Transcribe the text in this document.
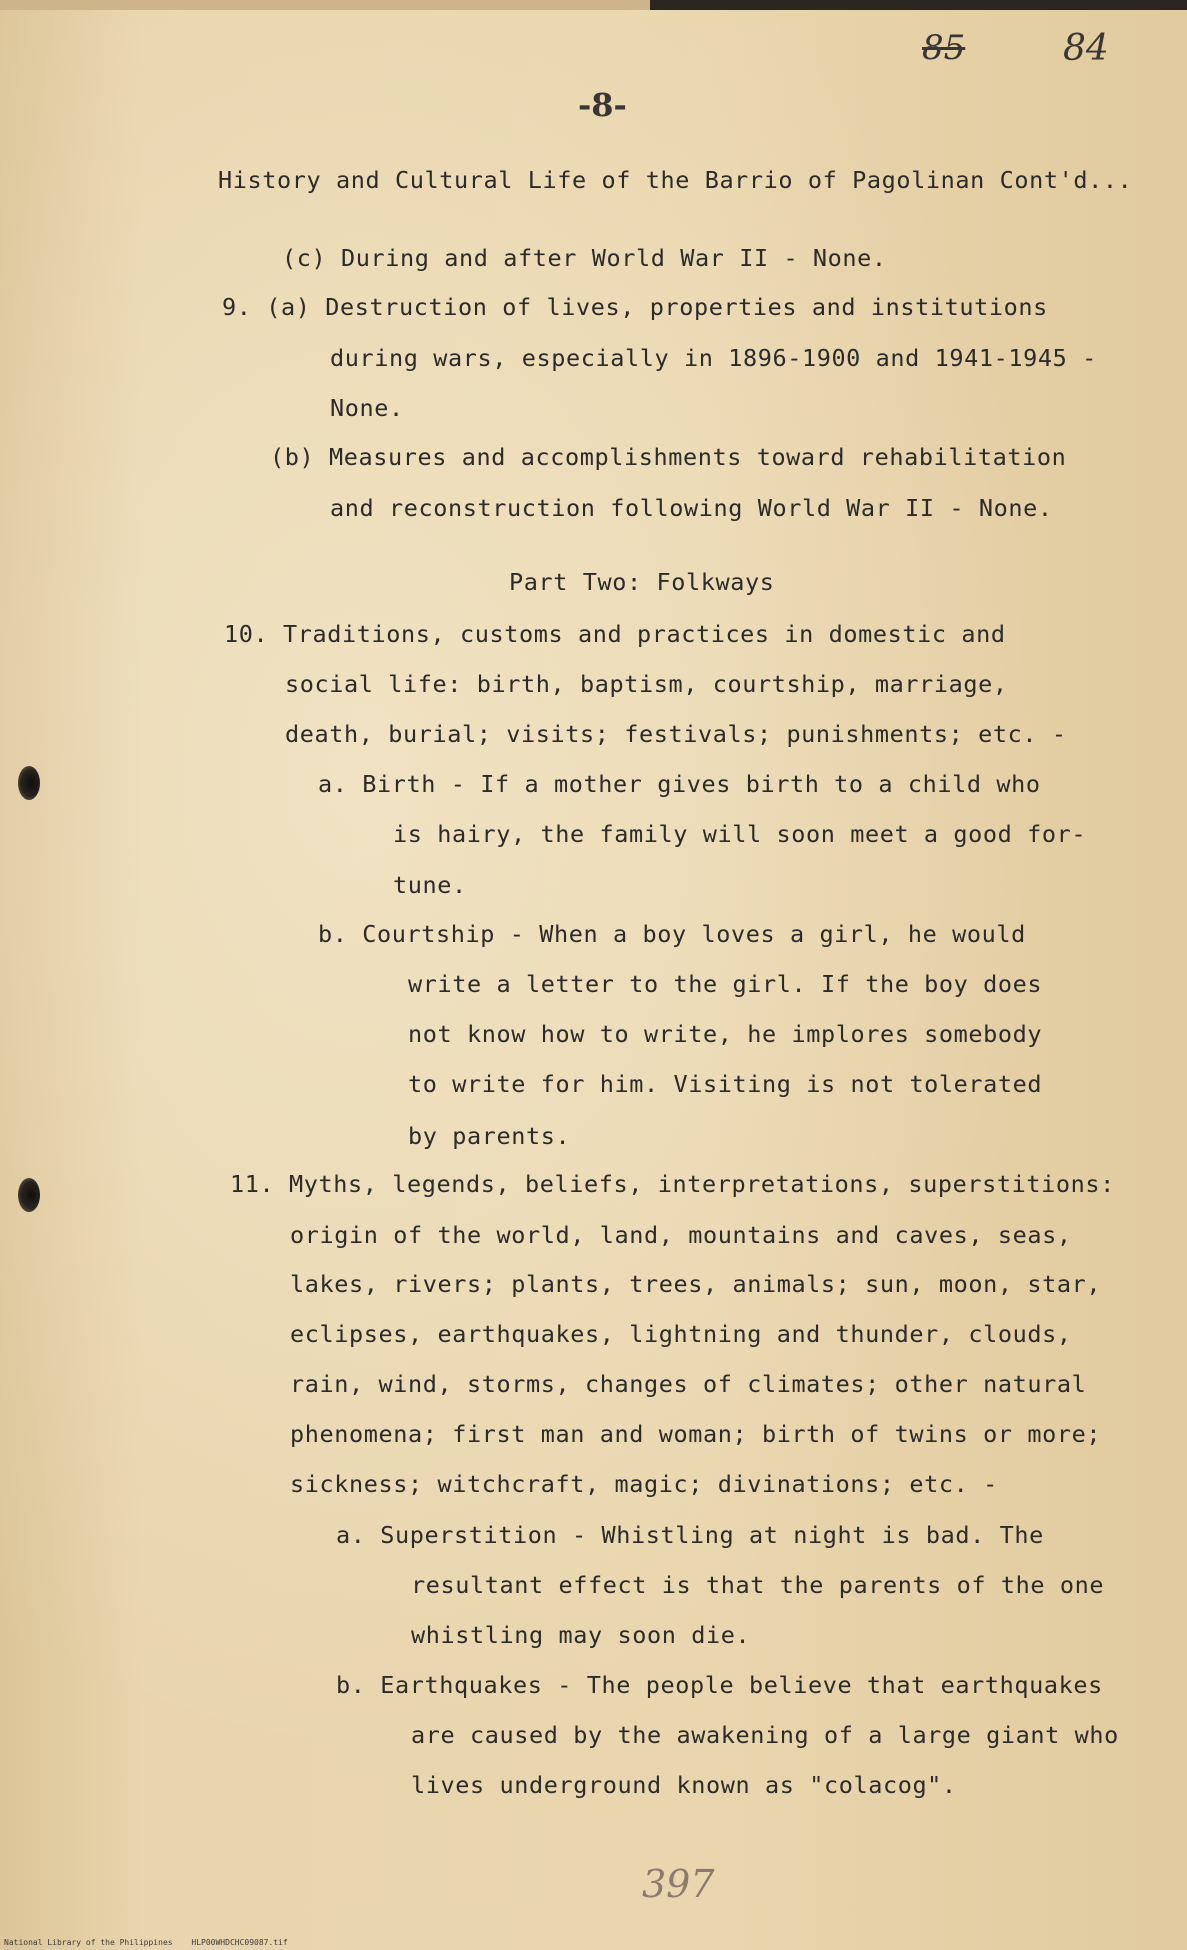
85	84
-8-
History and Cultural Life of the Barrio of Pagolinan Cont'd...
(c) During and after World War II - None.
9. (a) Destruction of lives, properties and institutions
during wars, especially in 1896-1900 and 1941-1945 -
None.
(b) Measures and accomplishments toward rehabilitation
and reconstruction following World War II - None.
Part Two: Folkways
10. Traditions, customs and practices in domestic and
social life: birth, baptism, courtship, marriage,
death, burial; visits; festivals; punishments; etc. -
a. Birth - If a mother gives birth to a child who
is hairy, the family will soon meet a good for-
tune.
b. Courtship - When a boy loves a girl, he would
write a letter to the girl. If the boy does
not know how to write, he implores somebody
to write for him. Visiting is not tolerated
by parents.
11. Myths, legends, beliefs, interpretations, superstitions:
origin of the world, land, mountains and caves, seas,
lakes, rivers; plants, trees, animals; sun, moon, star,
eclipses, earthquakes, lightning and thunder, clouds,
rain, wind, storms, changes of climates; other natural
phenomena; first man and woman; birth of twins or more;
sickness; witchcraft, magic; divinations; etc. -
a. Superstition - Whistling at night is bad. The
resultant effect is that the parents of the one
whistling may soon die.
b. Earthquakes - The people believe that earthquakes
are caused by the awakening of a large giant who
lives underground known as "colacog".
397
National Library of the Philippines HLP00WHDCHC09087.tif
